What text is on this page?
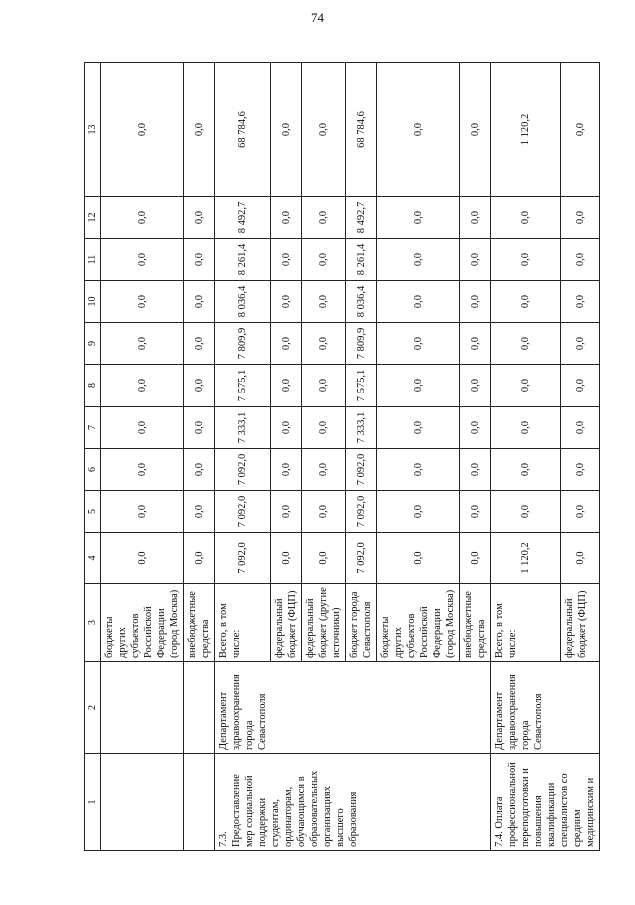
74
1	2	3	4	5	6	7	8	9	10	11	12	13
		бюджеты других субъектов Российской Федерации (город Москва)	0,0	0,0	0,0	0,0	0,0	0,0	0,0	0,0	0,0	0,0
		внебюджетные средства	0,0	0,0	0,0	0,0	0,0	0,0	0,0	0,0	0,0	0,0
7.3. Предоставление мер социальной поддержки студентам, ординаторам, обучающимся в образовательных организациях высшего образования	Департамент здравоохранения города Севастополя	Всего, в том числе:	7 092,0	7 092,0	7 092,0	7 333,1	7 575,1	7 809,9	8 036,4	8 261,4	8 492,7	68 784,6
		федеральный бюджет (ФЦП)	0,0	0,0	0,0	0,0	0,0	0,0	0,0	0,0	0,0	0,0
		федеральный бюджет (другие источники)	0,0	0,0	0,0	0,0	0,0	0,0	0,0	0,0	0,0	0,0
		бюджет города Севастополя	7 092,0	7 092,0	7 092,0	7 333,1	7 575,1	7 809,9	8 036,4	8 261,4	8 492,7	68 784,6
		бюджеты других субъектов Российской Федерации (город Москва)	0,0	0,0	0,0	0,0	0,0	0,0	0,0	0,0	0,0	0,0
		внебюджетные средства	0,0	0,0	0,0	0,0	0,0	0,0	0,0	0,0	0,0	0,0
7.4. Оплата профессиональной переподготовки и повышения квалификации специалистов со средним медицинским и	Департамент здравоохранения города Севастополя	Всего, в том числе:	1 120,2	0,0	0,0	0,0	0,0	0,0	0,0	0,0	0,0	1 120,2
		федеральный бюджет (ФЦП)	0,0	0,0	0,0	0,0	0,0	0,0	0,0	0,0	0,0	0,0
